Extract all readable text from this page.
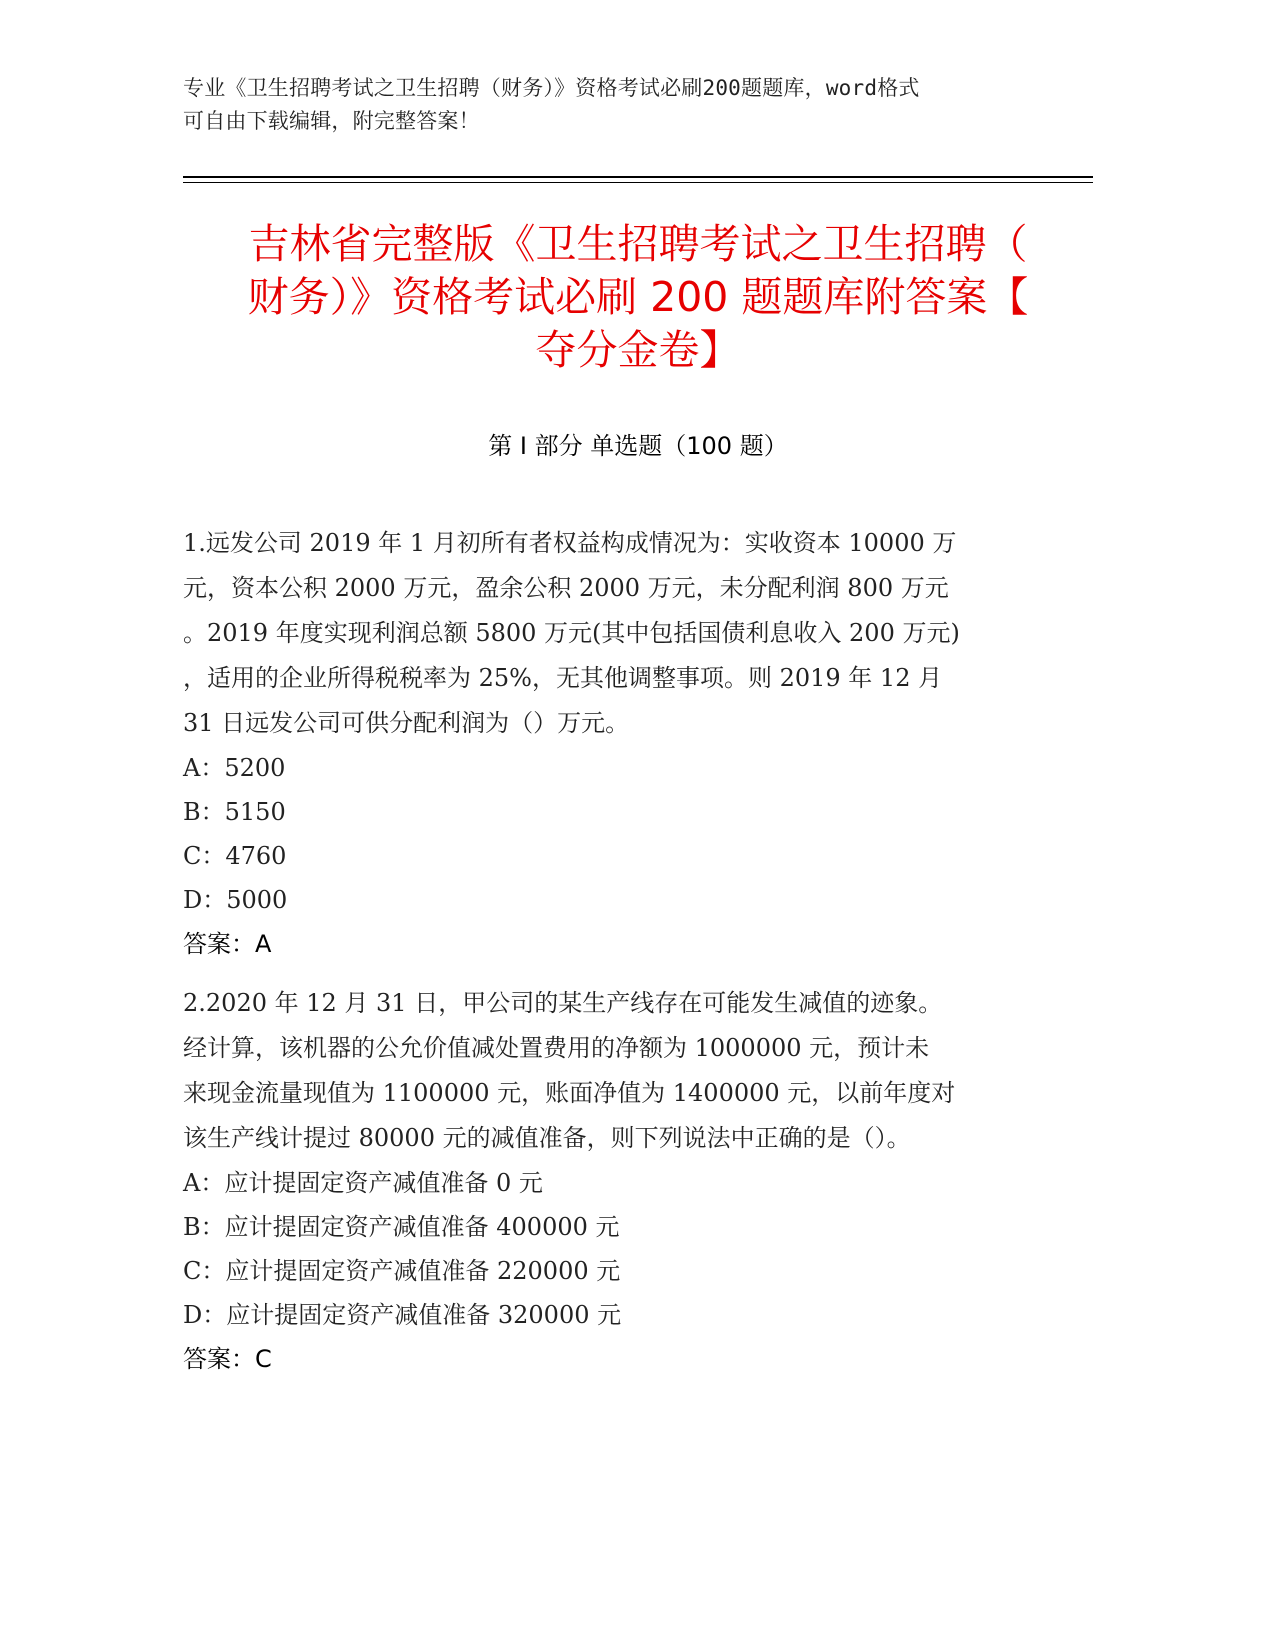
专业《卫生招聘考试之卫生招聘（财务）》资格考试必刷200题题库，word格式
可自由下载编辑，附完整答案！
吉林省完整版《卫生招聘考试之卫生招聘（
财务）》资格考试必刷 200 题题库附答案【
夺分金卷】
第 I 部分 单选题（100 题）
1.远发公司 2019 年 1 月初所有者权益构成情况为：实收资本 10000 万
元，资本公积 2000 万元，盈余公积 2000 万元，未分配利润 800 万元
。2019 年度实现利润总额 5800 万元(其中包括国债利息收入 200 万元)
，适用的企业所得税税率为 25%，无其他调整事项。则 2019 年 12 月
31 日远发公司可供分配利润为（）万元。
A：5200
B：5150
C：4760
D：5000
答案：A
2.2020 年 12 月 31 日，甲公司的某生产线存在可能发生减值的迹象。
经计算，该机器的公允价值减处置费用的净额为 1000000 元，预计未
来现金流量现值为 1100000 元，账面净值为 1400000 元，以前年度对
该生产线计提过 80000 元的减值准备，则下列说法中正确的是（）。
A：应计提固定资产减值准备 0 元
B：应计提固定资产减值准备 400000 元
C：应计提固定资产减值准备 220000 元
D：应计提固定资产减值准备 320000 元
答案：C
